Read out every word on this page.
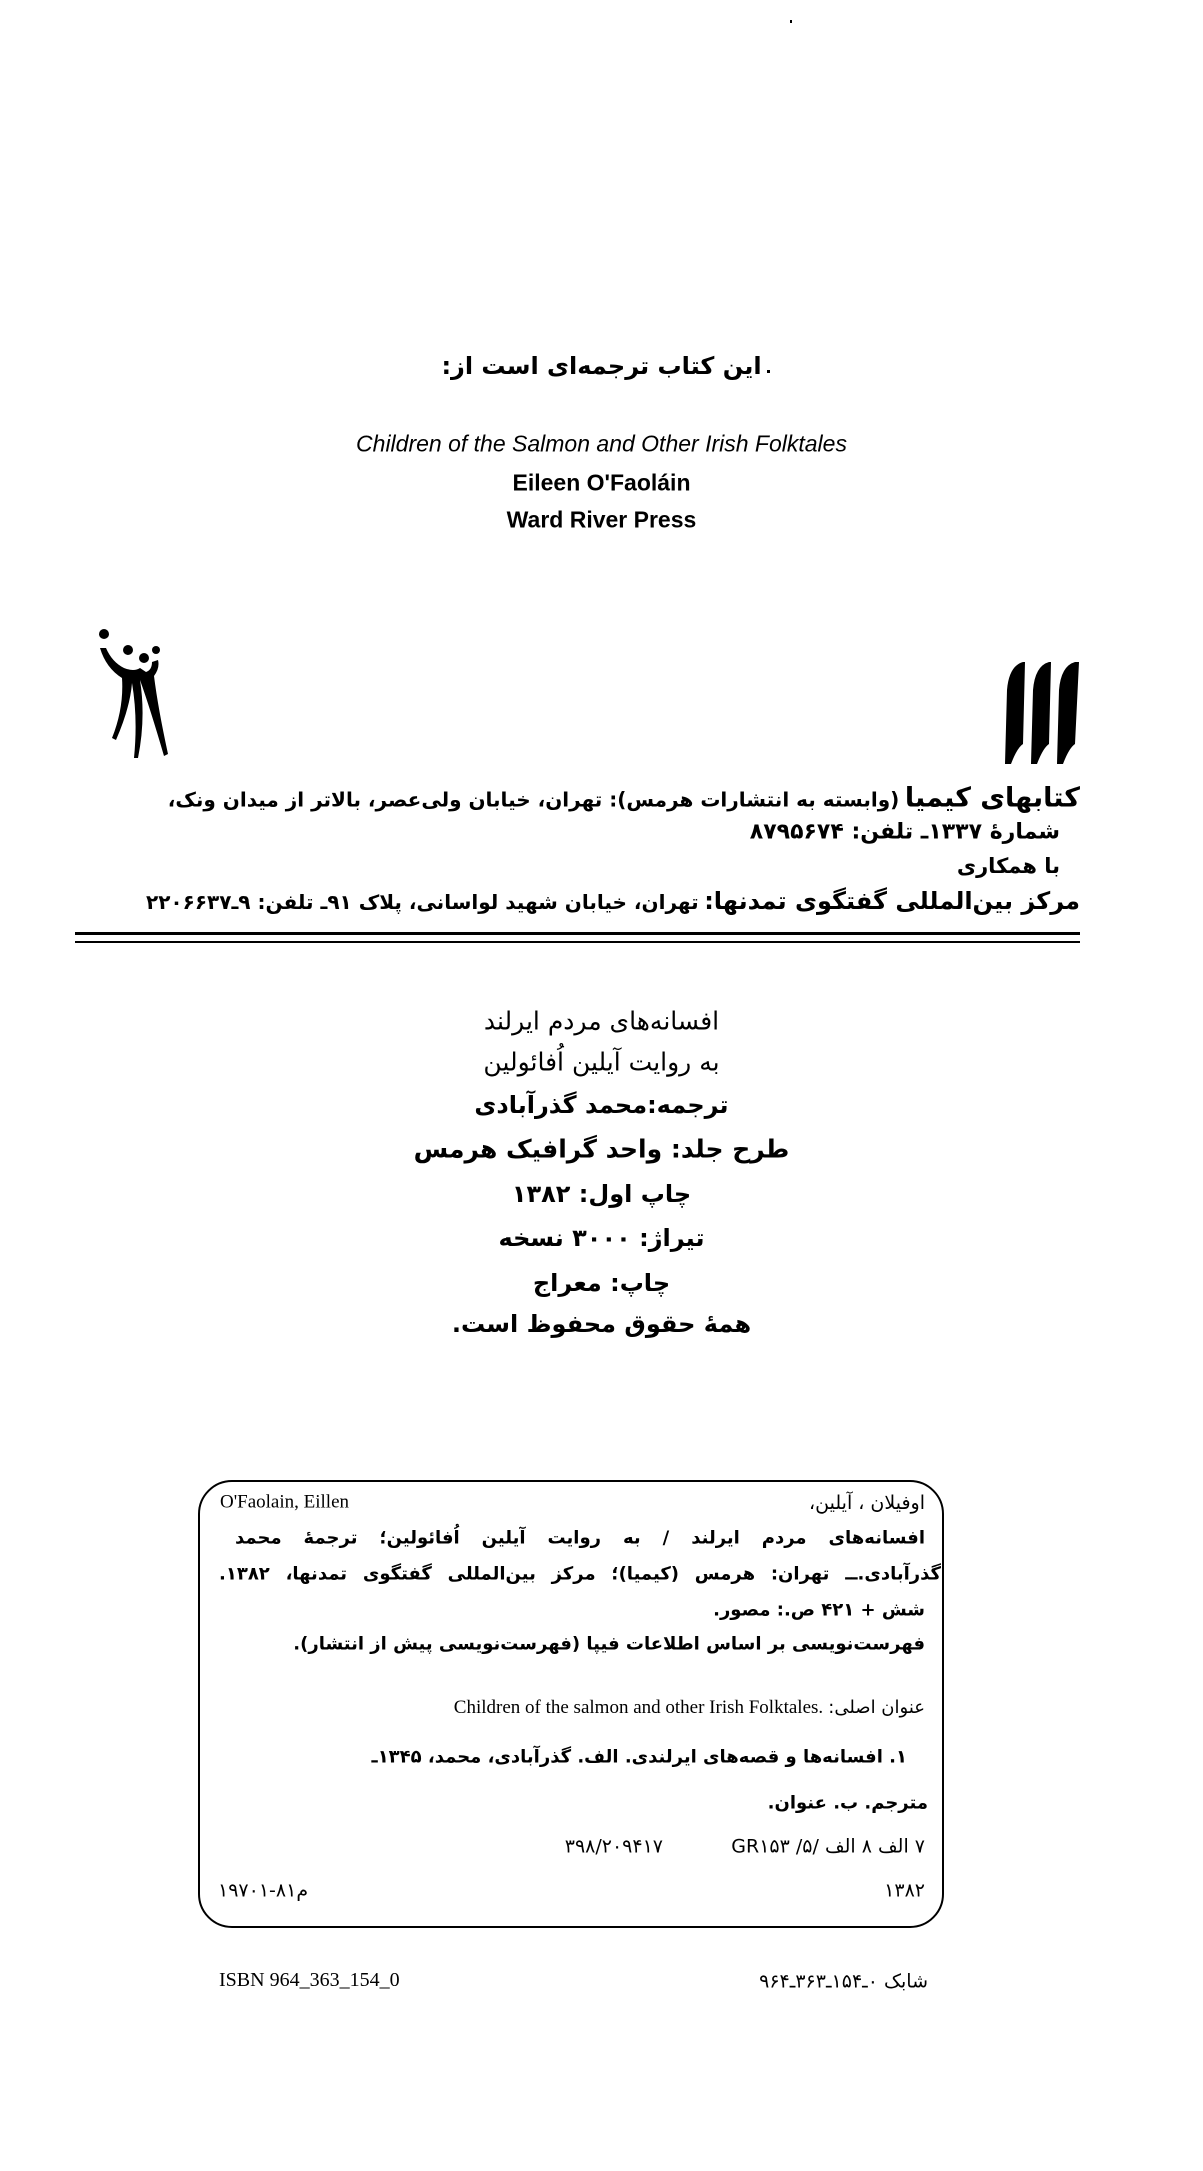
این کتاب ترجمه‌ای است از:
Children of the Salmon and Other Irish Folktales
Eileen O'Faoláin
Ward River Press
کتابهای کیمیا (وابسته به انتشارات هرمس): تهران، خیابان ولی‌عصر، بالاتر از میدان ونک،
شمارهٔ ۱۳۳۷ـ تلفن: ۸۷۹۵۶۷۴
با همکاری
مرکز بین‌المللی گفتگوی تمدنها: تهران، خیابان شهید لواسانی، پلاک ۹۱ـ تلفن: ۹ـ۲۲۰۶۶۳۷
افسانه‌های مردم ایرلند
به روایت آیلین اُفائولین
ترجمه:محمد گذرآبادی
طرح جلد: واحد گرافیک هرمس
چاپ اول: ۱۳۸۲
تیراژ: ۳۰۰۰ نسخه
چاپ: معراج
همهٔ حقوق محفوظ است.
O'Faolain, Eillen	اوفیلان ، آیلین،
افسانه‌های مردم ایرلند / به روایت آیلین اُفائولین؛ ترجمهٔ محمد
گذرآبادی.ــ تهران: هرمس (کیمیا)؛ مرکز بین‌المللی گفتگوی تمدنها، ۱۳۸۲.
شش + ۴۲۱ ص.: مصور.
فهرست‌نویسی بر اساس اطلاعات فیپا (فهرست‌نویسی پیش از انتشار).
عنوان اصلی: Children of the salmon and other Irish Folktales.
۱. افسانه‌ها و قصه‌های ایرلندی. الف. گذرآبادی، محمد، ۱۳۴۵ـ
مترجم. ب. عنوان.
۷ الف ۸ الف /۵/ GR۱۵۳
۳۹۸/۲۰۹۴۱۷
۱۳۸۲
م۸۱-۱۹۷۰۱
ISBN 964_363_154_0	شابک ۰ـ۱۵۴ـ۳۶۳ـ۹۶۴
